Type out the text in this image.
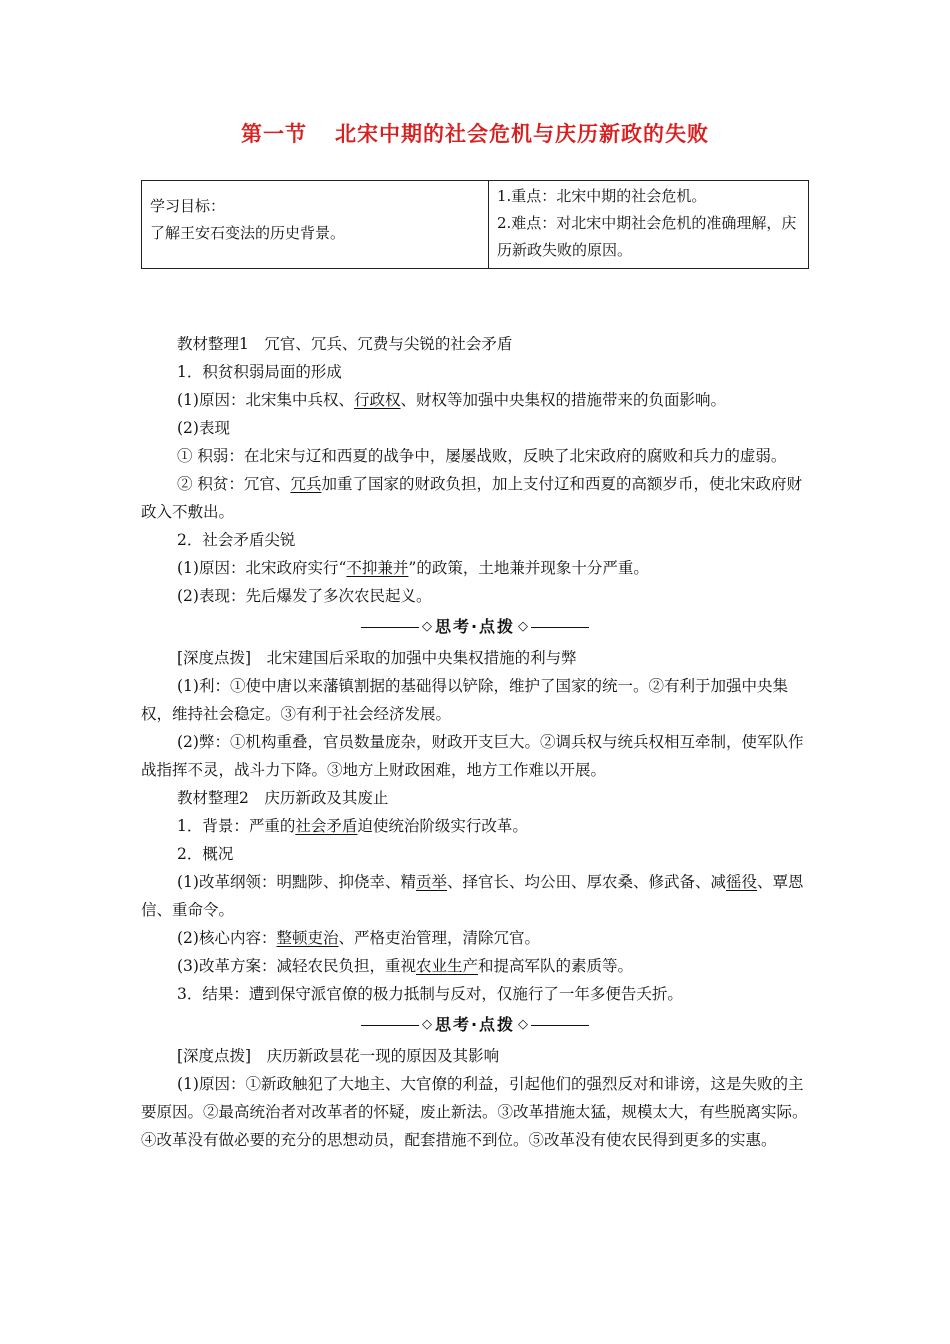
第一节 北宋中期的社会危机与庆历新政的失败
学习目标：
了解王安石变法的历史背景。

1.重点：北宋中期的社会危机。
2.难点：对北宋中期社会危机的准确理解，庆历新政失败的原因。

教材整理1　冗官、冗兵、冗费与尖锐的社会矛盾

1．积贫积弱局面的形成

(1)原因：北宋集中兵权、行政权、财权等加强中央集权的措施带来的负面影响。

(2)表现

① 积弱：在北宋与辽和西夏的战争中，屡屡战败，反映了北宋政府的腐败和兵力的虚弱。

② 积贫：冗官、冗兵加重了国家的财政负担，加上支付辽和西夏的高额岁币，使北宋政府财政入不敷出。

2．社会矛盾尖锐

(1)原因：北宋政府实行“不抑兼并”的政策，土地兼并现象十分严重。

(2)表现：先后爆发了多次农民起义。

◇ 思考·点拨 ◇

[深度点拨]　北宋建国后采取的加强中央集权措施的利与弊

(1)利：①使中唐以来藩镇割据的基础得以铲除，维护了国家的统一。②有利于加强中央集权，维持社会稳定。③有利于社会经济发展。

(2)弊：①机构重叠，官员数量庞杂，财政开支巨大。②调兵权与统兵权相互牵制，使军队作战指挥不灵，战斗力下降。③地方上财政困难，地方工作难以开展。

教材整理2　庆历新政及其废止

1．背景：严重的社会矛盾迫使统治阶级实行改革。

2．概况

(1)改革纲领：明黜陟、抑侥幸、精贡举、择官长、均公田、厚农桑、修武备、减徭役、覃恩信、重命令。

(2)核心内容：整顿吏治、严格吏治管理，清除冗官。

(3)改革方案：减轻农民负担，重视农业生产和提高军队的素质等。

3．结果：遭到保守派官僚的极力抵制与反对，仅施行了一年多便告夭折。

◇ 思考·点拨 ◇

[深度点拨]　庆历新政昙花一现的原因及其影响

(1)原因：①新政触犯了大地主、大官僚的利益，引起他们的强烈反对和诽谤，这是失败的主要原因。②最高统治者对改革者的怀疑，废止新法。③改革措施太猛，规模太大，有些脱离实际。④改革没有做必要的充分的思想动员，配套措施不到位。⑤改革没有使农民得到更多的实惠。
